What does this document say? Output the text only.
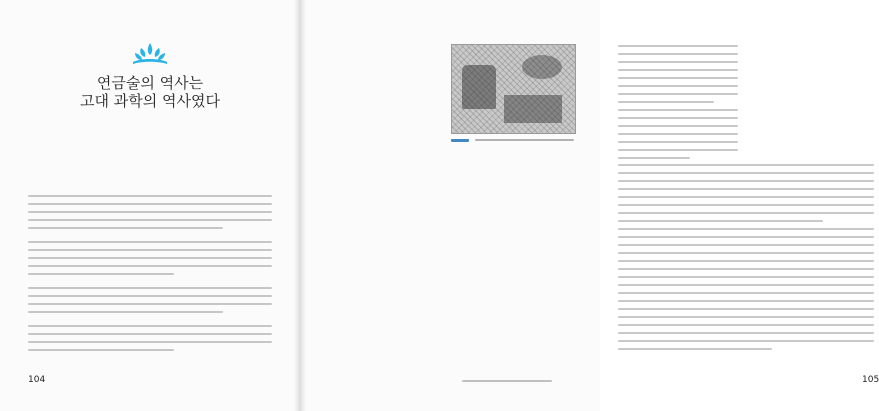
연금술의 역사는
고대 과학의 역사였다
104	105
